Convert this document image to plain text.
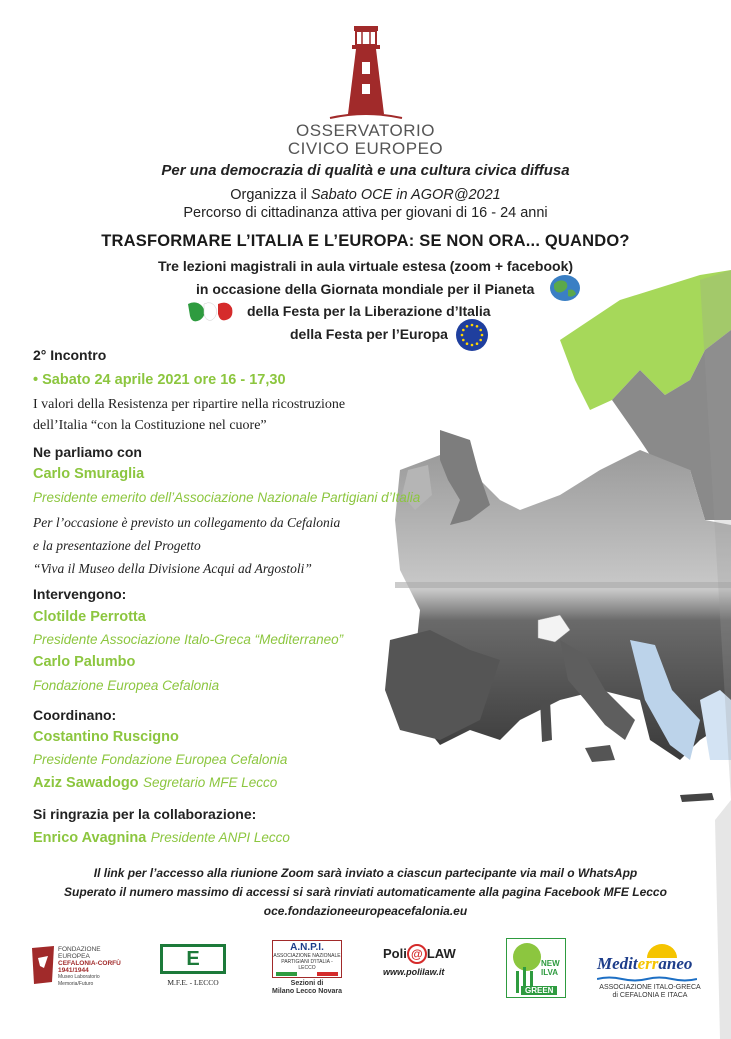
OSSERVATORIO
CIVICO EUROPEO
Per una democrazia di qualità e una cultura civica diffusa
Organizza il Sabato OCE in AGOR@2021
Percorso di cittadinanza attiva per giovani di 16 - 24 anni
TRASFORMARE L’ITALIA E L’EUROPA: SE NON ORA... QUANDO?
Tre lezioni magistrali in aula virtuale estesa (zoom + facebook)
in occasione della Giornata mondiale per il Pianeta
della Festa per la Liberazione d’Italia
della Festa per l’Europa
2° Incontro
• Sabato 24 aprile 2021 ore 16 - 17,30
I valori della Resistenza per ripartire nella ricostruzione
dell’Italia “con la Costituzione nel cuore”
Ne parliamo con
Carlo Smuraglia
Presidente emerito dell’Associazione Nazionale Partigiani d’Italia
Per l’occasione è previsto un collegamento da Cefalonia
e la presentazione del Progetto
“Viva il Museo della Divisione Acqui ad Argostoli”
Intervengono:
Clotilde Perrotta
Presidente Associazione Italo-Greca “Mediterraneo”
Carlo Palumbo
Fondazione Europea Cefalonia
Coordinano:
Costantino Ruscigno
Presidente Fondazione Europea Cefalonia
Aziz Sawadogo Segretario MFE Lecco
Si ringrazia per la collaborazione:
Enrico Avagnina Presidente ANPI Lecco
Il link per l’accesso alla riunione Zoom sarà inviato a ciascun partecipante via mail o WhatsApp
Superato il numero massimo di accessi si sarà rinviati automaticamente alla pagina Facebook MFE Lecco
oce.fondazioneeuropeacefalonia.eu
FONDAZIONE
EUROPEA
CEFALONIA-CORFÙ
1941/1944
Museo Laboratorio Memoria/Futuro
E
M.F.E. - LECCO
A.N.P.I.
ASSOCIAZIONE NAZIONALE
PARTIGIANI D'ITALIA - LECCO
Sezioni di
Milano Lecco Novara
Poli @ LAW
www.polilaw.it
NEW
ILVA
GREEN
Mediterraneo
ASSOCIAZIONE ITALO-GRECA
di CEFALONIA E ITACA
